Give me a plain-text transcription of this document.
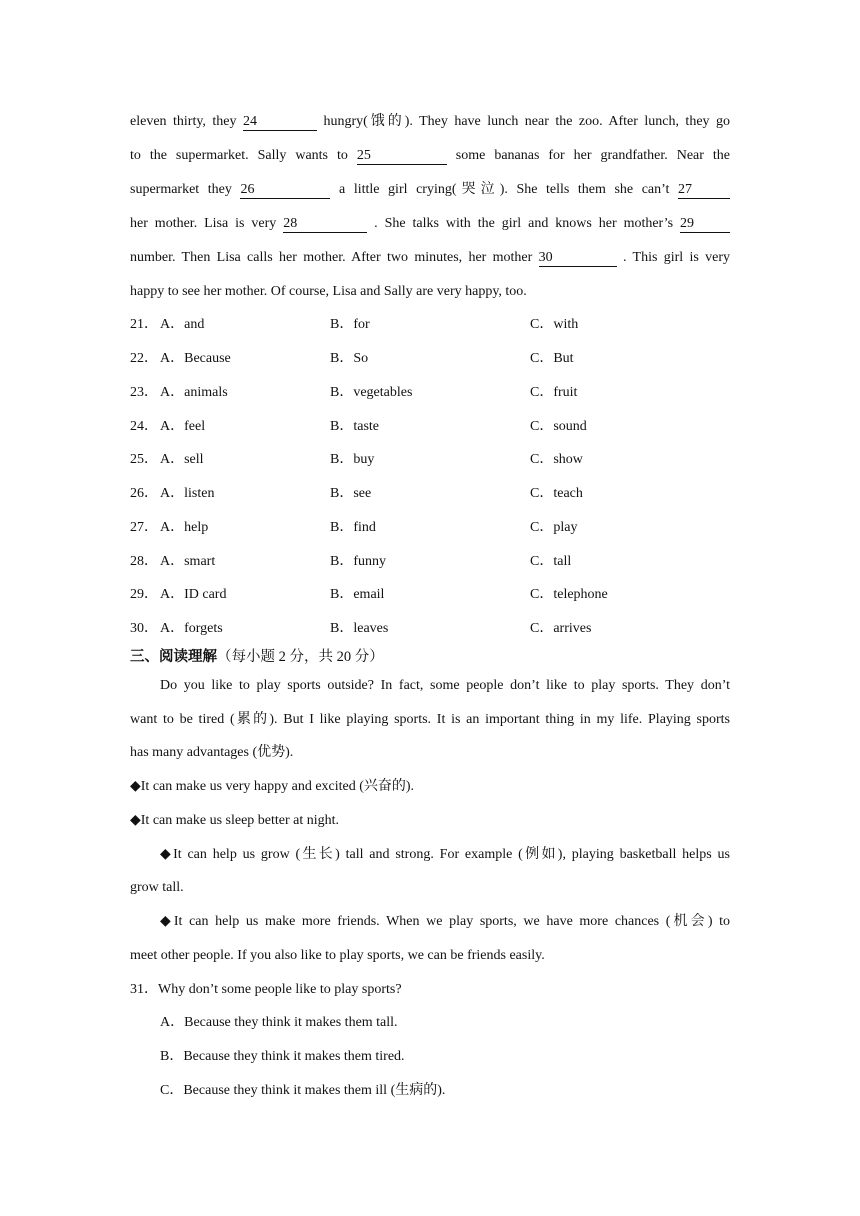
eleven thirty, they 24	hungry(饿的). They have lunch near the zoo. After lunch, they go
to the supermarket. Sally wants to 25	some bananas for her grandfather. Near the
supermarket they 26	a little girl crying(哭泣). She tells them she can’t 27
her mother. Lisa is very 28	. She talks with the girl and knows her mother’s 29
number. Then Lisa calls her mother. After two minutes, her mother 30	. This girl is very
happy to see her mother. Of course, Lisa and Sally are very happy, too.
21． A．and	B．for	C．with
22． A．Because	B．So	C．But
23． A．animals	B．vegetables	C．fruit
24． A．feel	B．taste	C．sound
25． A．sell	B．buy	C．show
26． A．listen	B．see	C．teach
27． A．help	B．find	C．play
28． A．smart	B．funny	C．tall
29． A．ID card	B．email	C．telephone
30． A．forgets	B．leaves	C．arrives
三、阅读理解（每小题 2 分，共 20 分）
Do you like to play sports outside? In fact, some people don’t like to play sports. They don’t
want to be tired (累的). But I like playing sports. It is an important thing in my life. Playing sports
has many advantages (优势).
◆It can make us very happy and excited (兴奋的).
◆It can make us sleep better at night.
◆It can help us grow (生长) tall and strong. For example (例如), playing basketball helps us
grow tall.
◆It can help us make more friends. When we play sports, we have more chances (机会) to
meet other people. If you also like to play sports, we can be friends easily.
31．Why don’t some people like to play sports?
A．Because they think it makes them tall.
B．Because they think it makes them tired.
C．Because they think it makes them ill (生病的).
